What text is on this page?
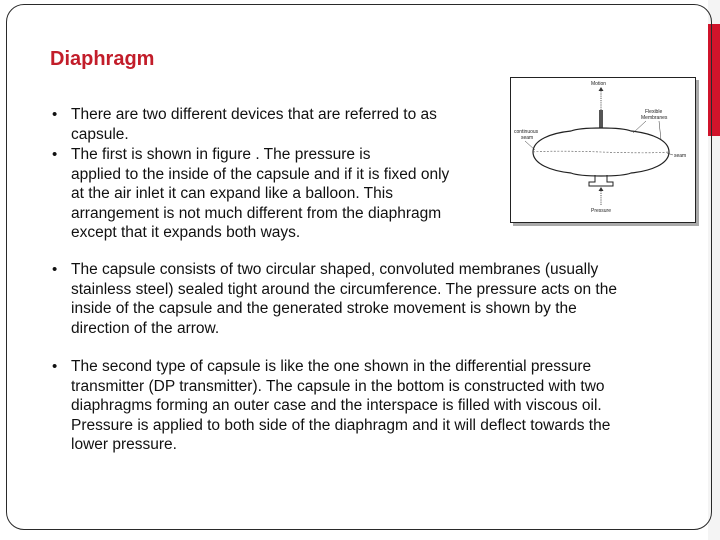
Diaphragm
• There are two different devices that are referred to as
capsule.
• The first is shown in figure . The pressure is
applied to the inside of the capsule and if it is fixed only
at the air inlet it can expand like a balloon. This
arrangement is not much different from the diaphragm
except that it expands both ways.
• The capsule consists of two circular shaped, convoluted membranes (usually
stainless steel) sealed tight around the circumference. The pressure acts on the
inside of the capsule and the generated stroke movement is shown by the
direction of the arrow.
• The second type of capsule is like the one shown in the differential pressure
transmitter (DP transmitter). The capsule in the bottom is constructed with two
diaphragms forming an outer case and the interspace is filled with viscous oil.
Pressure is applied to both side of the diaphragm and it will deflect towards the
lower pressure.
Motion
Pressure
Flexible
Membranes
continuous
seam
seam
